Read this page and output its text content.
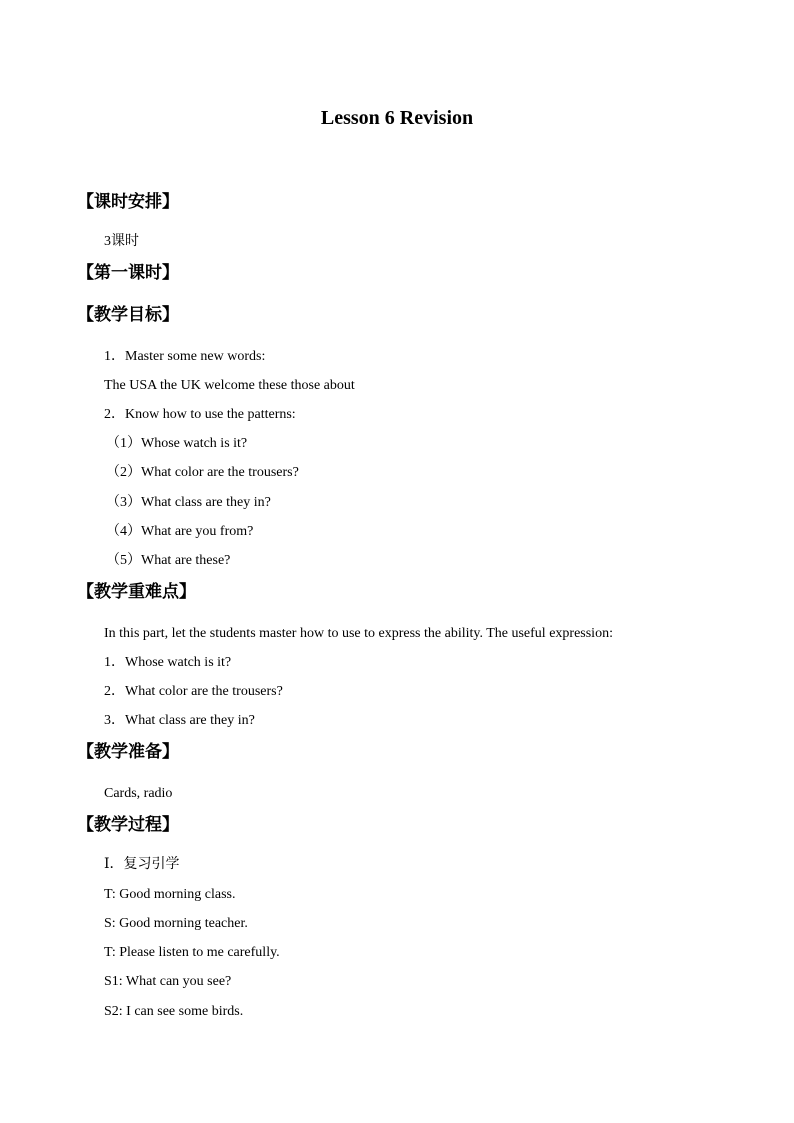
Lesson 6 Revision
【课时安排】
3课时
【第一课时】
【教学目标】
1．Master some new words:
The USA the UK welcome these those about
2．Know how to use the patterns:
（1）Whose watch is it?
（2）What color are the trousers?
（3）What class are they in?
（4）What are you from?
（5）What are these?
【教学重难点】
In this part, let the students master how to use to express the ability. The useful expression:
1．Whose watch is it?
2．What color are the trousers?
3．What class are they in?
【教学准备】
Cards, radio
【教学过程】
Ⅰ．复习引学
T: Good morning class.
S: Good morning teacher.
T: Please listen to me carefully.
S1: What can you see?
S2: I can see some birds.
